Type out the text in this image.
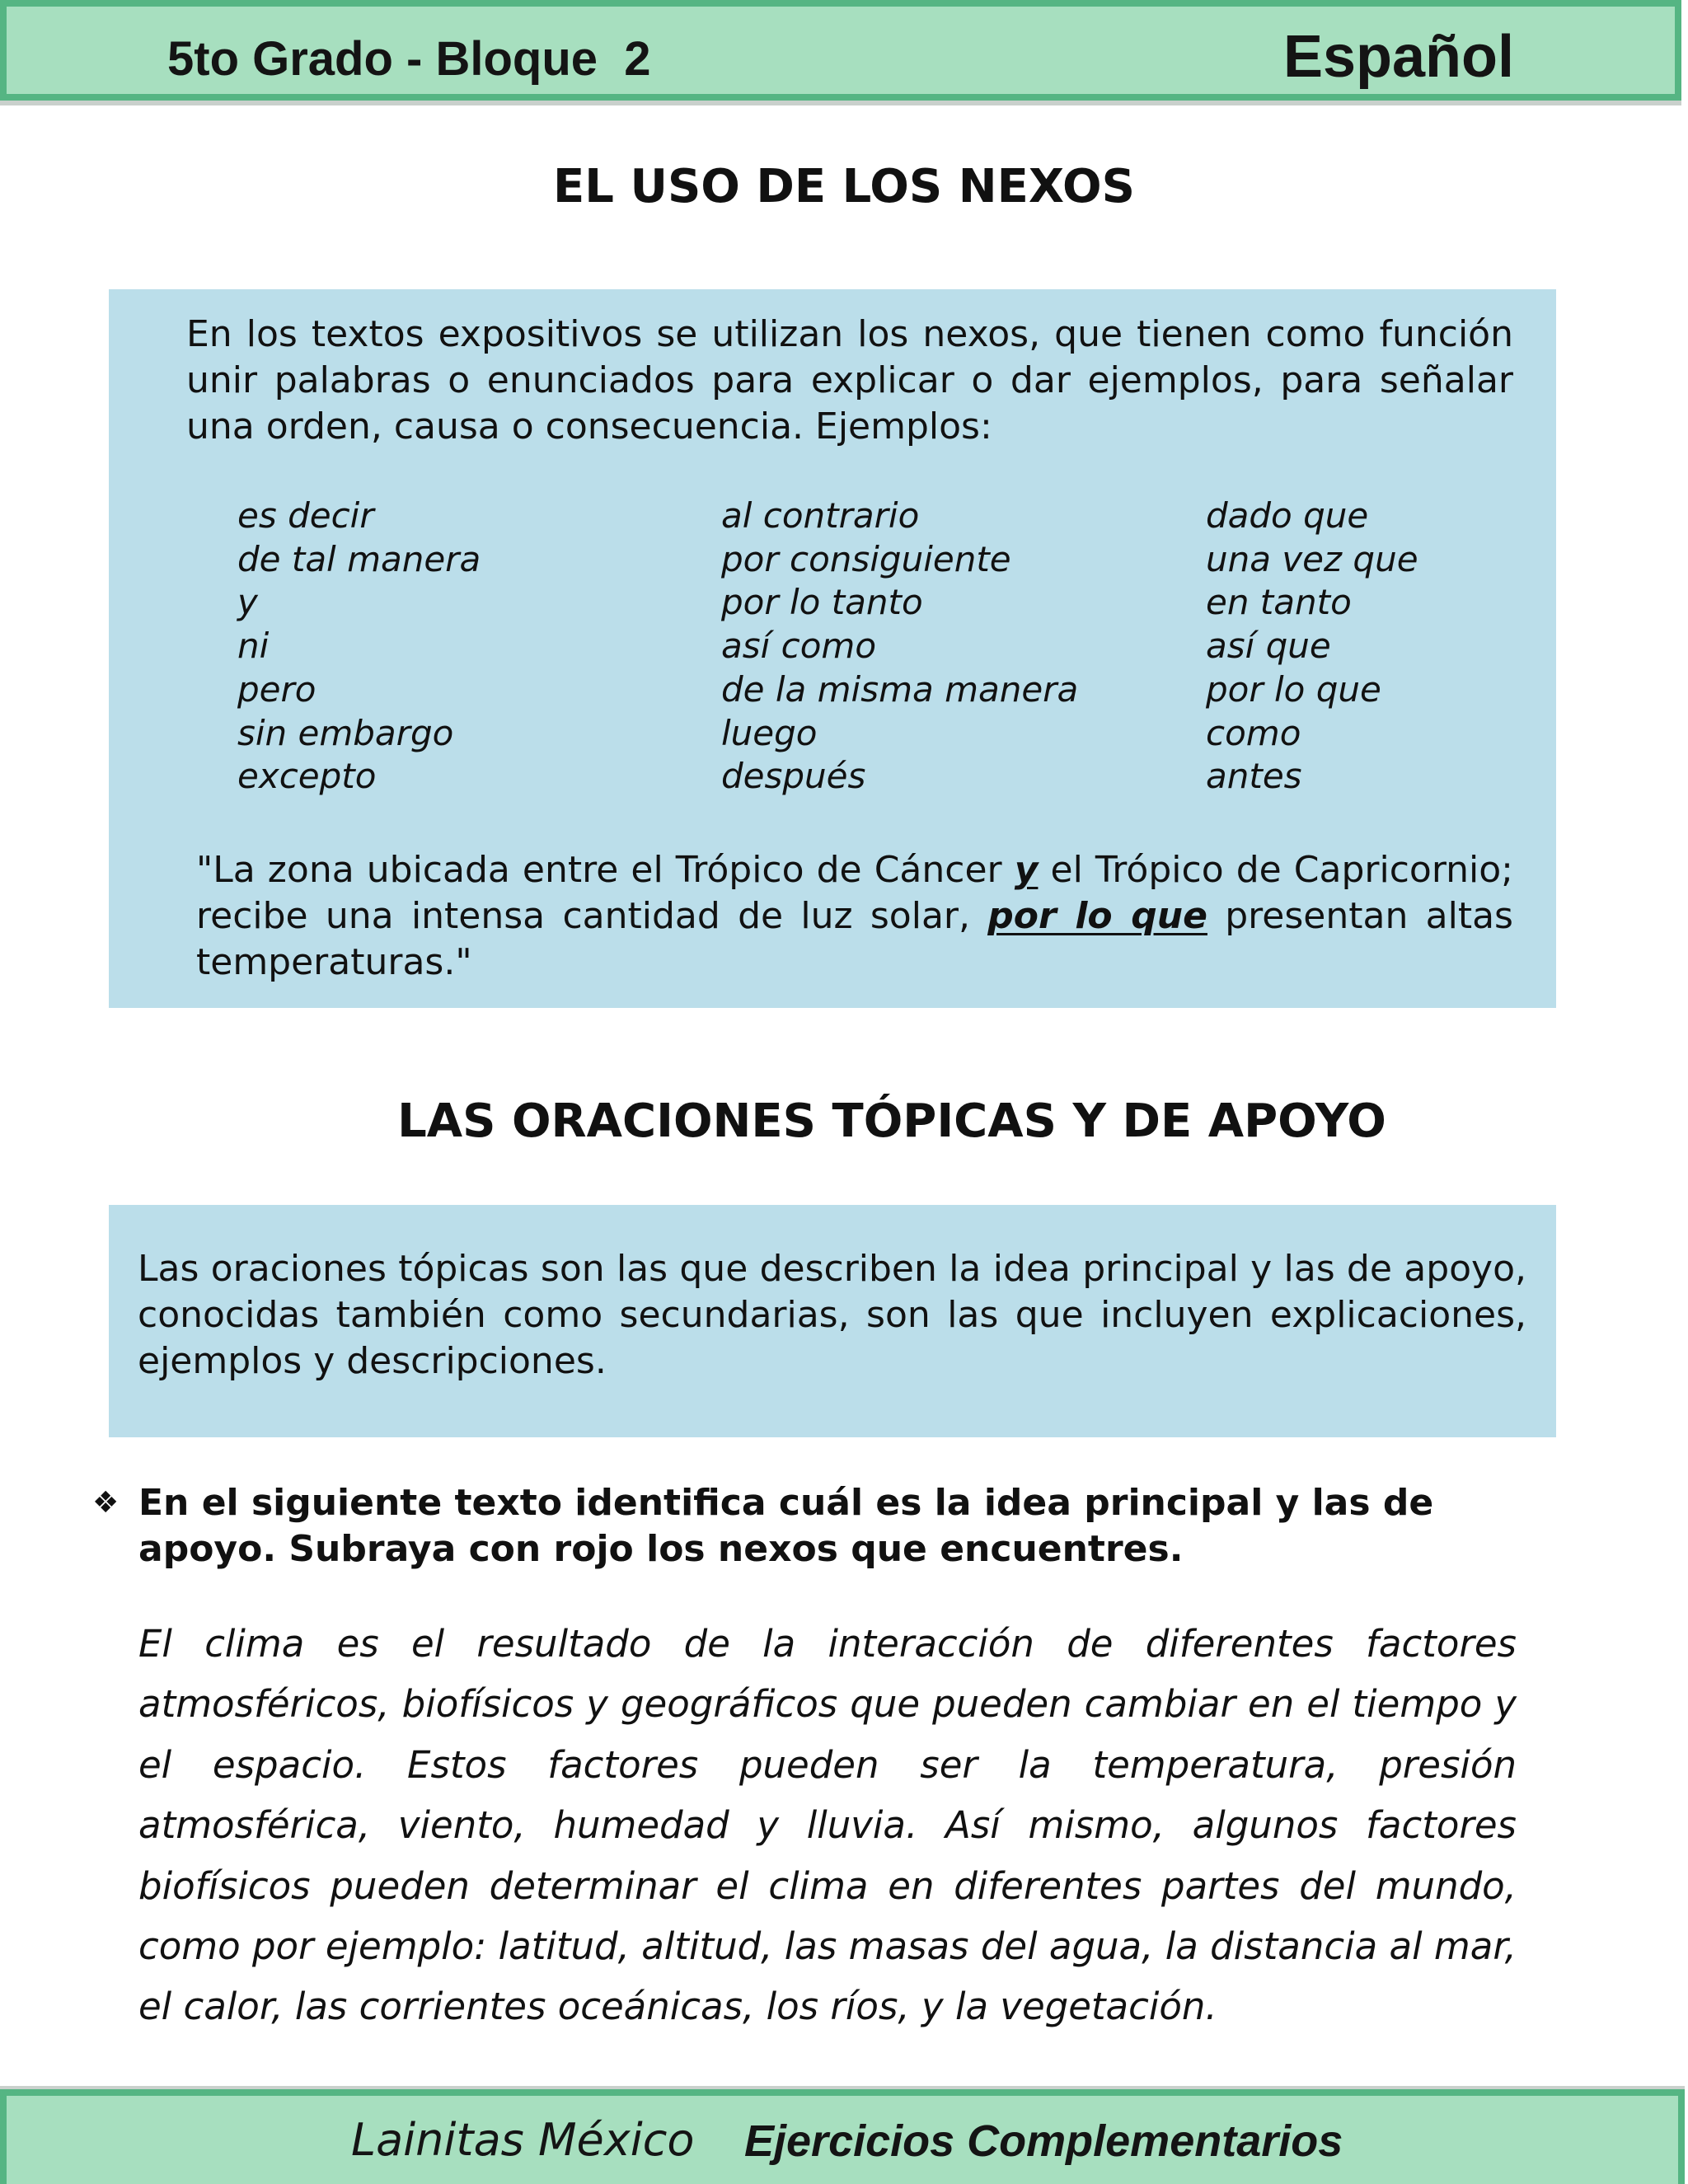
5to Grado - Bloque  2	Español
EL USO DE LOS NEXOS
En los textos expositivos se utilizan los nexos, que tienen como función unir palabras o enunciados para explicar o dar ejemplos, para señalar una orden, causa o consecuencia. Ejemplos:
es decir
de tal manera
y
ni
pero
sin embargo
excepto
al contrario
por consiguiente
por lo tanto
así como
de la misma manera
luego
después
dado que
una vez que
en tanto
así que
por lo que
como
antes
"La zona ubicada entre el Trópico de Cáncer y el Trópico de Capricornio; recibe una intensa cantidad de luz solar, por lo que presentan altas temperaturas."
LAS ORACIONES TÓPICAS Y DE APOYO
Las oraciones tópicas son las que describen la idea principal y las de apoyo, conocidas también como secundarias, son las que incluyen explicaciones, ejemplos y descripciones.
❖ En el siguiente texto identifica cuál es la idea principal y las de apoyo. Subraya con rojo los nexos que encuentres.
El clima es el resultado de la interacción de diferentes factores atmosféricos, biofísicos y geográficos que pueden cambiar en el tiempo y el espacio. Estos factores pueden ser la temperatura, presión atmosférica, viento, humedad y lluvia. Así mismo, algunos factores biofísicos pueden determinar el clima en diferentes partes del mundo, como por ejemplo: latitud, altitud, las masas del agua, la distancia al mar, el calor, las corrientes oceánicas, los ríos, y la vegetación.
Lainitas México Ejercicios Complementarios
